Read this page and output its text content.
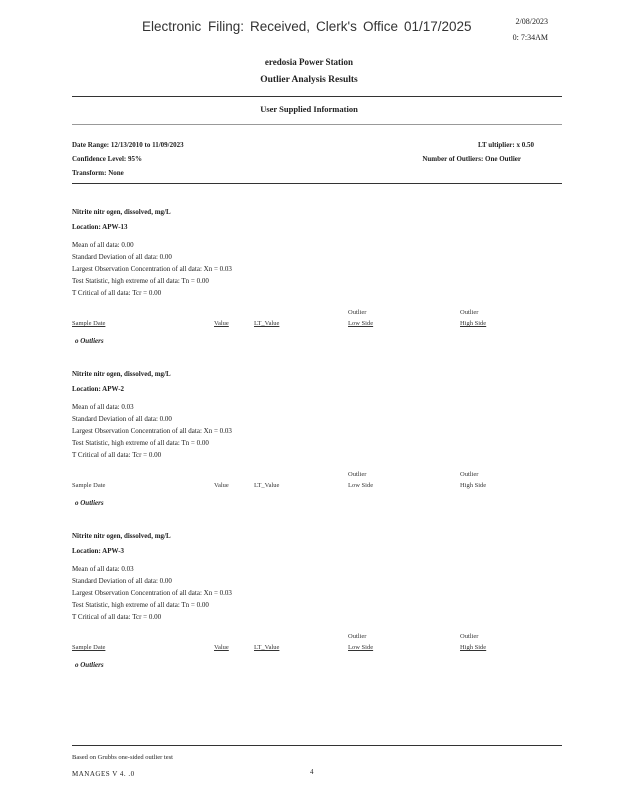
Electronic Filing: Received, Clerk's Office 01/17/2025	2/08/2023
0: 7:34AM
eredosia Power Station
Outlier Analysis Results
User Supplied Information
Date Range: 12/13/2010 to 11/09/2023
Confidence Level: 95%
Transform: None
LT ultiplier: x 0.50
Number of Outliers: One Outlier
Nitrite nitr ogen, dissolved, mg/L
Location: APW-13
Mean of all data: 0.00
Standard Deviation of all data: 0.00
Largest Observation Concentration of all data: Xn = 0.03
Test Statistic, high extreme of all data: Tn = 0.00
T Critical of all data: Tcr = 0.00
Outlier	Outlier
Sample Date	Value	LT_Value	Low Side	High Side
o Outliers
Nitrite nitr ogen, dissolved, mg/L
Location: APW-2
Mean of all data: 0.03
Standard Deviation of all data: 0.00
Largest Observation Concentration of all data: Xn = 0.03
Test Statistic, high extreme of all data: Tn = 0.00
T Critical of all data: Tcr = 0.00
Outlier	Outlier
Sample Date	Value	LT_Value	Low Side	High Side
o Outliers
Nitrite nitr ogen, dissolved, mg/L
Location: APW-3
Mean of all data: 0.03
Standard Deviation of all data: 0.00
Largest Observation Concentration of all data: Xn = 0.03
Test Statistic, high extreme of all data: Tn = 0.00
T Critical of all data: Tcr = 0.00
Outlier	Outlier
Sample Date	Value	LT_Value	Low Side	High Side
o Outliers
Based on Grubbs one-sided outlier test
MANAGES V 4. .0	4
